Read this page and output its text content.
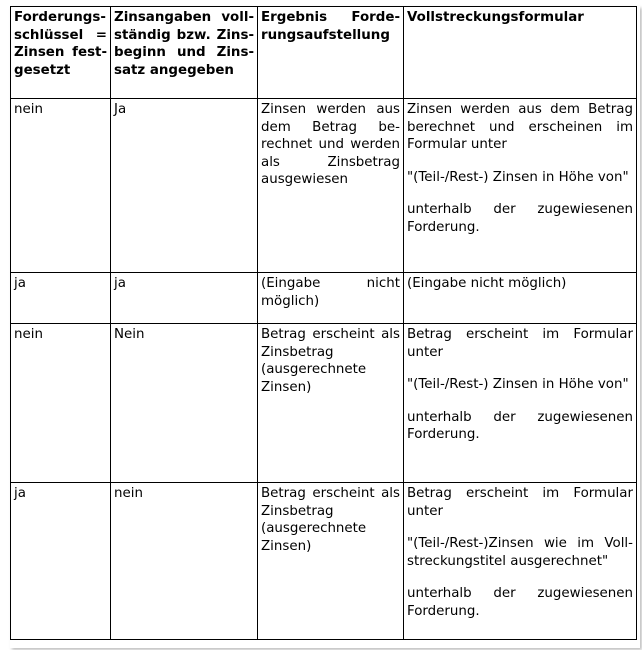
Forderungsschlüssel = Zinsen festgesetzt	Zinsangaben vollständig bzw. Zinsbeginn und Zinssatz angegeben	Ergebnis Forderungsaufstellung	Vollstreckungsformular
nein	Ja	Zinsen werden aus dem Betrag berechnet und werden als Zinsbetrag ausgewiesen	Zinsen werden aus dem Betrag berechnet und erscheinen im Formular unter

"(Teil-/Rest-) Zinsen in Höhe von"

unterhalb der zugewiesenen Forderung.

ja	ja	(Eingabe nicht möglich)	(Eingabe nicht möglich)

nein	Nein	Betrag erscheint als Zinsbetrag (ausgerechnete Zinsen)	Betrag erscheint im Formular unter

"(Teil-/Rest-) Zinsen in Höhe von"

unterhalb der zugewiesenen Forderung.

ja	nein	Betrag erscheint als Zinsbetrag (ausgerechnete Zinsen)	Betrag erscheint im Formular unter

"(Teil-/Rest-)Zinsen wie im Vollstreckungstitel ausgerechnet"

unterhalb der zugewiesenen Forderung.
